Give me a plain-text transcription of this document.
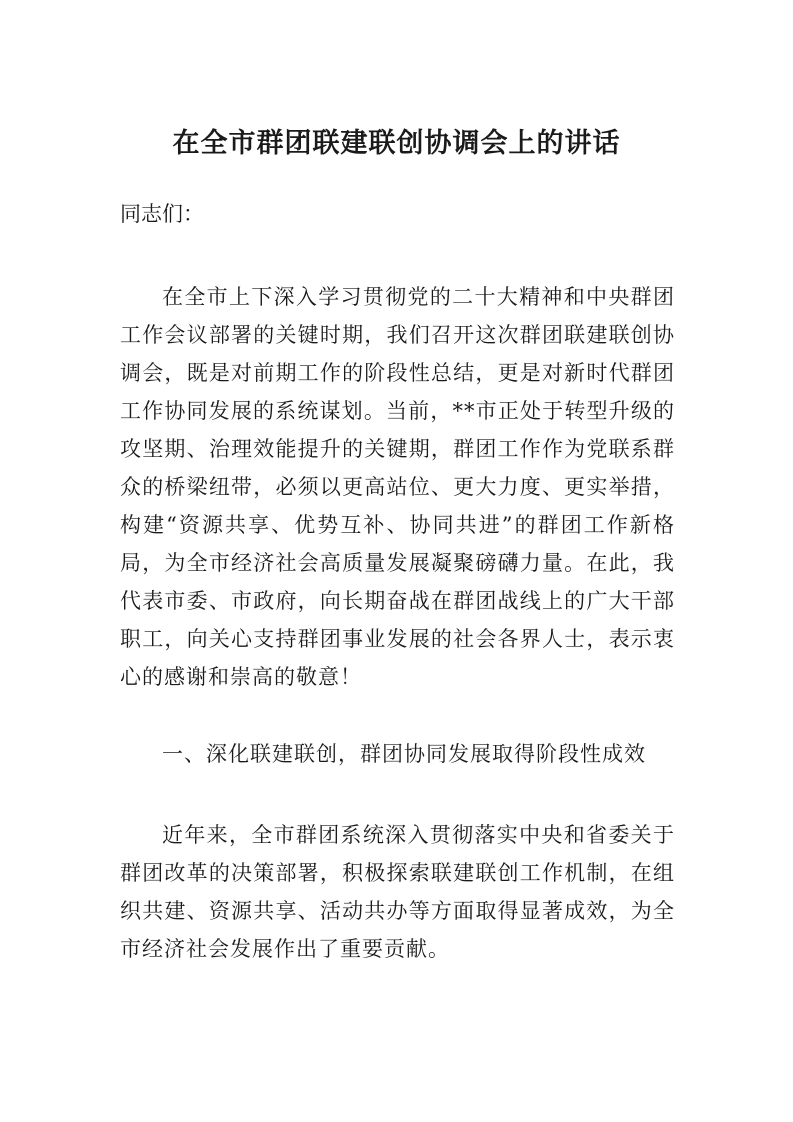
在全市群团联建联创协调会上的讲话

同志们：

在全市上下深入学习贯彻党的二十大精神和中央群团工作会议部署的关键时期，我们召开这次群团联建联创协调会，既是对前期工作的阶段性总结，更是对新时代群团工作协同发展的系统谋划。当前，**市正处于转型升级的攻坚期、治理效能提升的关键期，群团工作作为党联系群众的桥梁纽带，必须以更高站位、更大力度、更实举措，构建“资源共享、优势互补、协同共进”的群团工作新格局，为全市经济社会高质量发展凝聚磅礴力量。在此，我代表市委、市政府，向长期奋战在群团战线上的广大干部职工，向关心支持群团事业发展的社会各界人士，表示衷心的感谢和崇高的敬意！

一、深化联建联创，群团协同发展取得阶段性成效

近年来，全市群团系统深入贯彻落实中央和省委关于群团改革的决策部署，积极探索联建联创工作机制，在组织共建、资源共享、活动共办等方面取得显著成效，为全市经济社会发展作出了重要贡献。
